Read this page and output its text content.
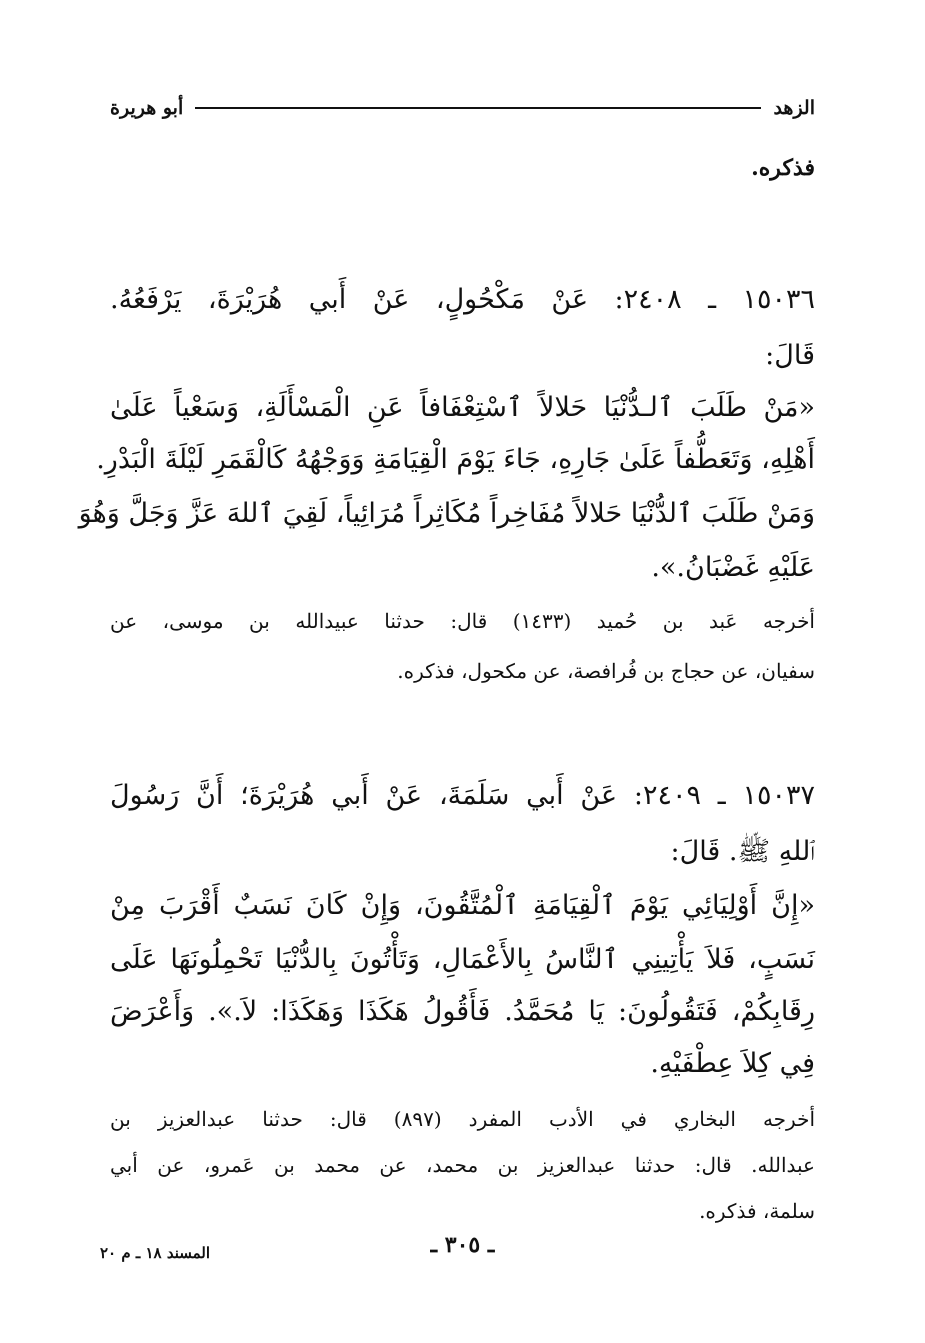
الزهد
أبو هريرة
فذكره.
١٥٠٣٦ ـ ٢٤٠٨: عَنْ مَكْحُولٍ، عَنْ أَبي هُرَيْرَةَ، يَرْفَعُهُ.
قَالَ:
«مَنْ طَلَبَ ٱلـدُّنْيَا حَلالاً ٱسْتِعْفَافاً عَنِ الْمَسْأَلَةِ، وَسَعْياً عَلَىٰ
أَهْلِهِ، وَتَعَطُّفاً عَلَىٰ جَارِهِ، جَاءَ يَوْمَ الْقِيَامَةِ وَوَجْهُهُ كَالْقَمَرِ لَيْلَةَ الْبَدْرِ.
وَمَنْ طَلَبَ ٱلدُّنْيَا حَلالاً مُفَاخِراً مُكَاثِراً مُرَائِياً، لَقِيَ ٱللهَ عَزَّ وَجَلَّ وَهُوَ
عَلَيْهِ غَضْبَانُ.».
أخرجه عَبد بن حُميد (١٤٣٣) قال: حدثنا عبيدالله بن موسى، عن
سفيان، عن حجاج بن فُرافصة، عن مكحول، فذكره.
١٥٠٣٧ ـ ٢٤٠٩: عَنْ أَبي سَلَمَةَ، عَنْ أَبي هُرَيْرَةَ؛ أَنَّ رَسُولَ
ٱللهِ ﷺ. قَالَ:
«إِنَّ أَوْلِيَائِي يَوْمَ ٱلْقِيَامَةِ ٱلْمُتَّقُونَ، وَإِنْ كَانَ نَسَبٌ أَقْرَبَ مِنْ
نَسَبٍ، فَلاَ يَأْتِينِي ٱلنَّاسُ بِالأَعْمَالِ، وَتَأْتُونَ بِالدُّنْيَا تَحْمِلُونَهَا عَلَى
رِقَابِكُمْ، فَتَقُولُونَ: يَا مُحَمَّدُ. فَأَقُولُ هَكَذَا وَهَكَذَا: لاَ.». وَأَعْرَضَ
فِي كِلاَ عِطْفَيْهِ.
أخرجه البخاري في الأدب المفرد (٨٩٧) قال: حدثنا عبدالعزيز بن
عبدالله. قال: حدثنا عبدالعزيز بن محمد، عن محمد بن عَمرو، عن أبي
سلمة، فذكره.
ـ ٣٠٥ ـ
المسند ١٨ ـ م ٢٠
